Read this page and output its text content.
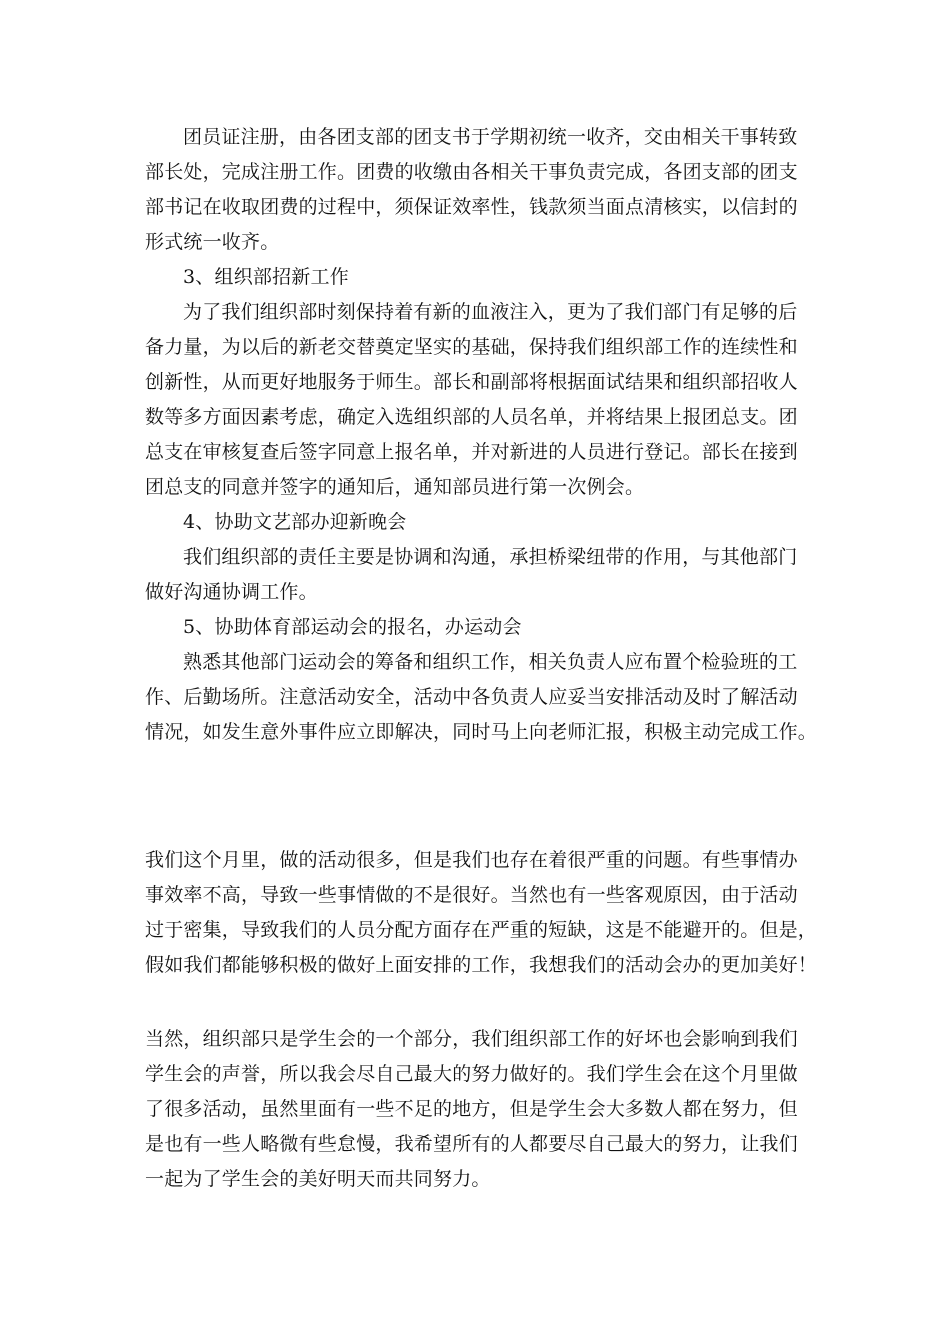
团员证注册，由各团支部的团支书于学期初统一收齐，交由相关干事转致
部长处，完成注册工作。团费的收缴由各相关干事负责完成，各团支部的团支
部书记在收取团费的过程中，须保证效率性，钱款须当面点清核实，以信封的
形式统一收齐。
3、组织部招新工作
为了我们组织部时刻保持着有新的血液注入，更为了我们部门有足够的后
备力量，为以后的新老交替奠定坚实的基础，保持我们组织部工作的连续性和
创新性，从而更好地服务于师生。部长和副部将根据面试结果和组织部招收人
数等多方面因素考虑，确定入选组织部的人员名单，并将结果上报团总支。团
总支在审核复查后签字同意上报名单，并对新进的人员进行登记。部长在接到
团总支的同意并签字的通知后，通知部员进行第一次例会。
4、协助文艺部办迎新晚会
我们组织部的责任主要是协调和沟通，承担桥梁纽带的作用，与其他部门
做好沟通协调工作。
5、协助体育部运动会的报名，办运动会
熟悉其他部门运动会的筹备和组织工作，相关负责人应布置个检验班的工
作、后勤场所。注意活动安全，活动中各负责人应妥当安排活动及时了解活动
情况，如发生意外事件应立即解决，同时马上向老师汇报，积极主动完成工作。
我们这个月里，做的活动很多，但是我们也存在着很严重的问题。有些事情办
事效率不高，导致一些事情做的不是很好。当然也有一些客观原因，由于活动
过于密集，导致我们的人员分配方面存在严重的短缺，这是不能避开的。但是，
假如我们都能够积极的做好上面安排的工作，我想我们的活动会办的更加美好！
当然，组织部只是学生会的一个部分，我们组织部工作的好坏也会影响到我们
学生会的声誉，所以我会尽自己最大的努力做好的。我们学生会在这个月里做
了很多活动，虽然里面有一些不足的地方，但是学生会大多数人都在努力，但
是也有一些人略微有些怠慢，我希望所有的人都要尽自己最大的努力，让我们
一起为了学生会的美好明天而共同努力。
